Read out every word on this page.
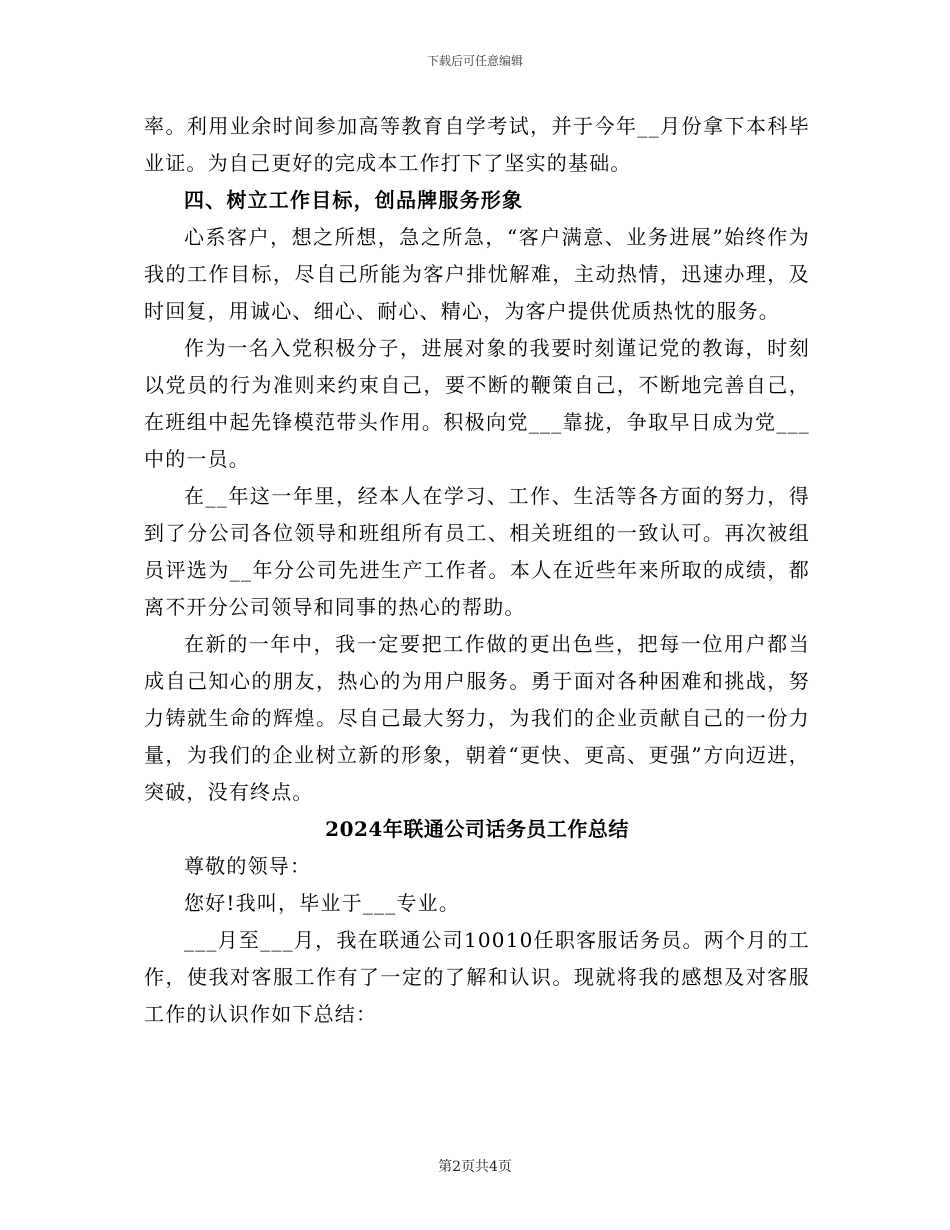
下载后可任意编辑

率。利用业余时间参加高等教育自学考试，并于今年__月份拿下本科毕业证。为自己更好的完成本工作打下了坚实的基础。

四、树立工作目标，创品牌服务形象

心系客户，想之所想，急之所急，“客户满意、业务进展”始终作为我的工作目标，尽自己所能为客户排忧解难，主动热情，迅速办理，及时回复，用诚心、细心、耐心、精心，为客户提供优质热忱的服务。

作为一名入党积极分子，进展对象的我要时刻谨记党的教诲，时刻以党员的行为准则来约束自己，要不断的鞭策自己，不断地完善自己，在班组中起先锋模范带头作用。积极向党___靠拢，争取早日成为党___中的一员。

在__年这一年里，经本人在学习、工作、生活等各方面的努力，得到了分公司各位领导和班组所有员工、相关班组的一致认可。再次被组员评选为__年分公司先进生产工作者。本人在近些年来所取的成绩，都离不开分公司领导和同事的热心的帮助。

在新的一年中，我一定要把工作做的更出色些，把每一位用户都当成自己知心的朋友，热心的为用户服务。勇于面对各种困难和挑战，努力铸就生命的辉煌。尽自己最大努力，为我们的企业贡献自己的一份力量，为我们的企业树立新的形象，朝着“更快、更高、更强”方向迈进，突破，没有终点。

2024年联通公司话务员工作总结

尊敬的领导：

您好!我叫，毕业于___专业。

___月至___月，我在联通公司10010任职客服话务员。两个月的工作，使我对客服工作有了一定的了解和认识。现就将我的感想及对客服工作的认识作如下总结：

第2页共4页
